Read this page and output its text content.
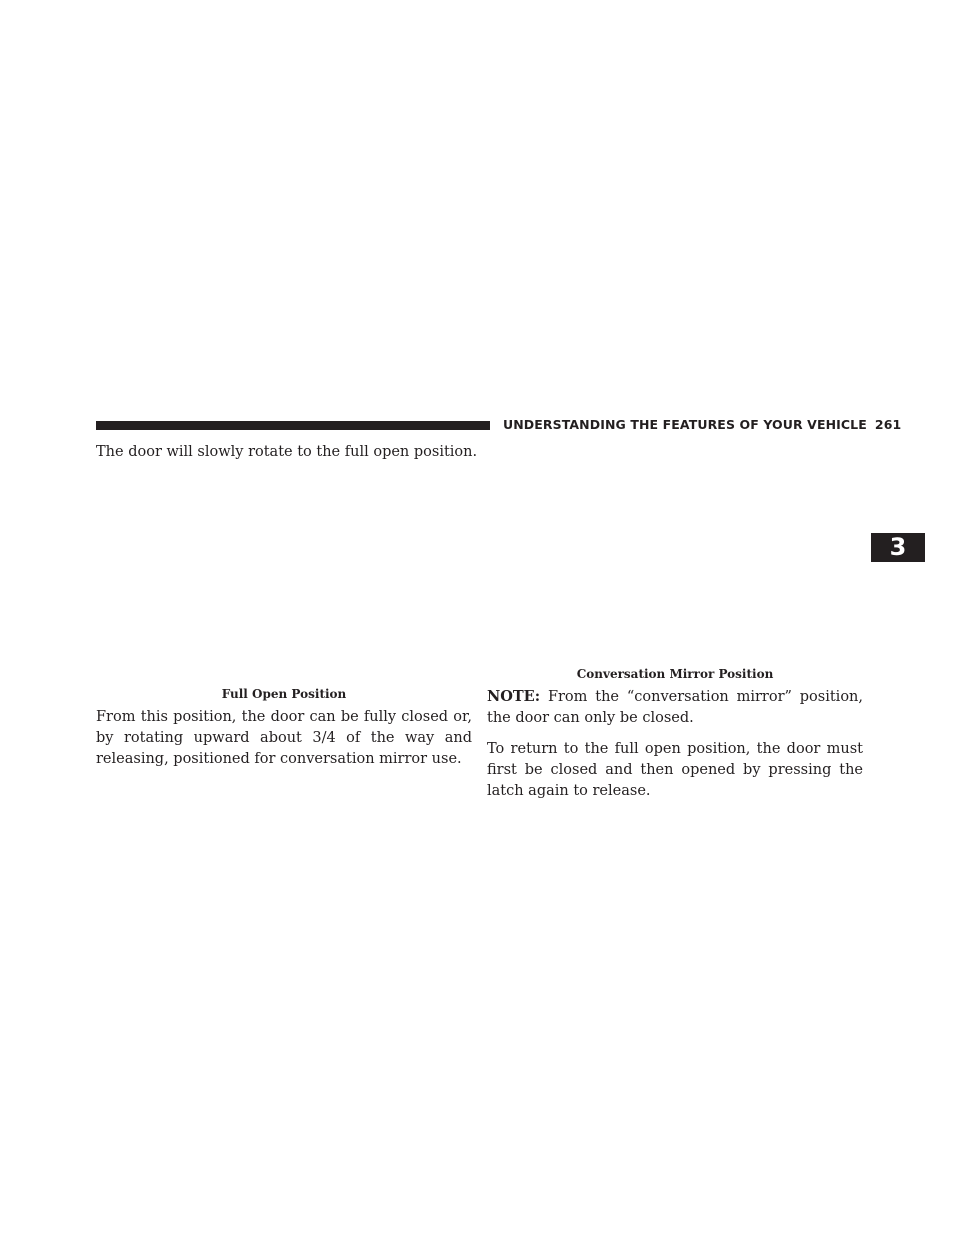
UNDERSTANDING THE FEATURES OF YOUR VEHICLE 261
3
The door will slowly rotate to the full open position.
Full Open Position

From this position, the door can be fully closed or, by rotating upward about 3/4 of the way and releasing, positioned for conversation mirror use.

Conversation Mirror Position

NOTE: From the “conversation mirror” position, the door can only be closed.

To return to the full open position, the door must first be closed and then opened by pressing the latch again to release.
